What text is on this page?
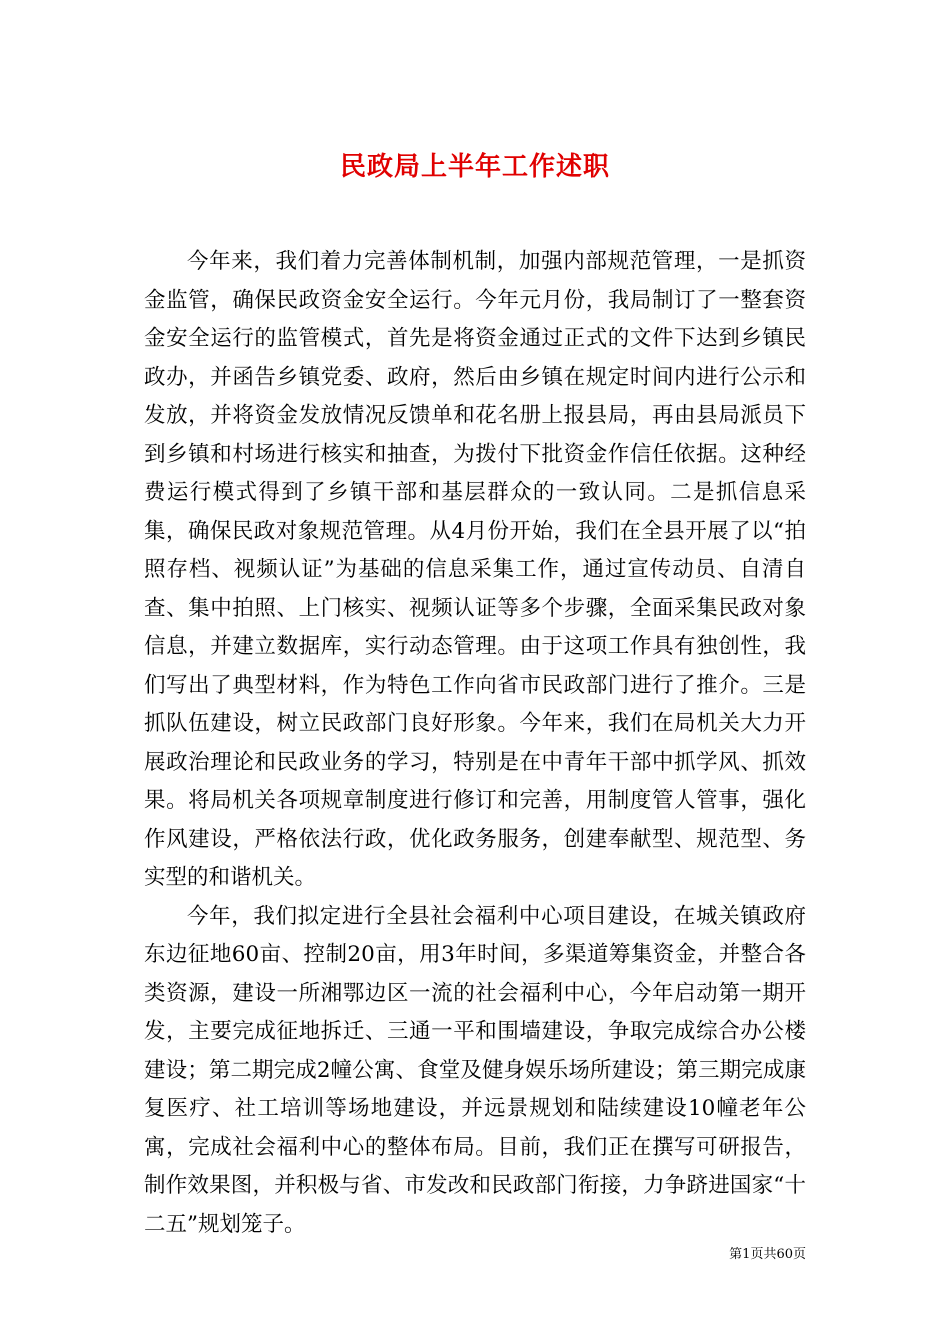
民政局上半年工作述职

今年来，我们着力完善体制机制，加强内部规范管理，一是抓资金监管，确保民政资金安全运行。今年元月份，我局制订了一整套资金安全运行的监管模式，首先是将资金通过正式的文件下达到乡镇民政办，并函告乡镇党委、政府，然后由乡镇在规定时间内进行公示和发放，并将资金发放情况反馈单和花名册上报县局，再由县局派员下到乡镇和村场进行核实和抽查，为拨付下批资金作信任依据。这种经费运行模式得到了乡镇干部和基层群众的一致认同。二是抓信息采集，确保民政对象规范管理。从4月份开始，我们在全县开展了以“拍照存档、视频认证”为基础的信息采集工作，通过宣传动员、自清自查、集中拍照、上门核实、视频认证等多个步骤，全面采集民政对象信息，并建立数据库，实行动态管理。由于这项工作具有独创性，我们写出了典型材料，作为特色工作向省市民政部门进行了推介。三是抓队伍建设，树立民政部门良好形象。今年来，我们在局机关大力开展政治理论和民政业务的学习，特别是在中青年干部中抓学风、抓效果。将局机关各项规章制度进行修订和完善，用制度管人管事，强化作风建设，严格依法行政，优化政务服务，创建奉献型、规范型、务实型的和谐机关。

今年，我们拟定进行全县社会福利中心项目建设，在城关镇政府东边征地60亩、控制20亩，用3年时间，多渠道筹集资金，并整合各类资源，建设一所湘鄂边区一流的社会福利中心，今年启动第一期开发，主要完成征地拆迁、三通一平和围墙建设，争取完成综合办公楼建设；第二期完成2幢公寓、食堂及健身娱乐场所建设；第三期完成康复医疗、社工培训等场地建设，并远景规划和陆续建设10幢老年公寓，完成社会福利中心的整体布局。目前，我们正在撰写可研报告，制作效果图，并积极与省、市发改和民政部门衔接，力争跻进国家“十二五”规划笼子。

第1页共60页
